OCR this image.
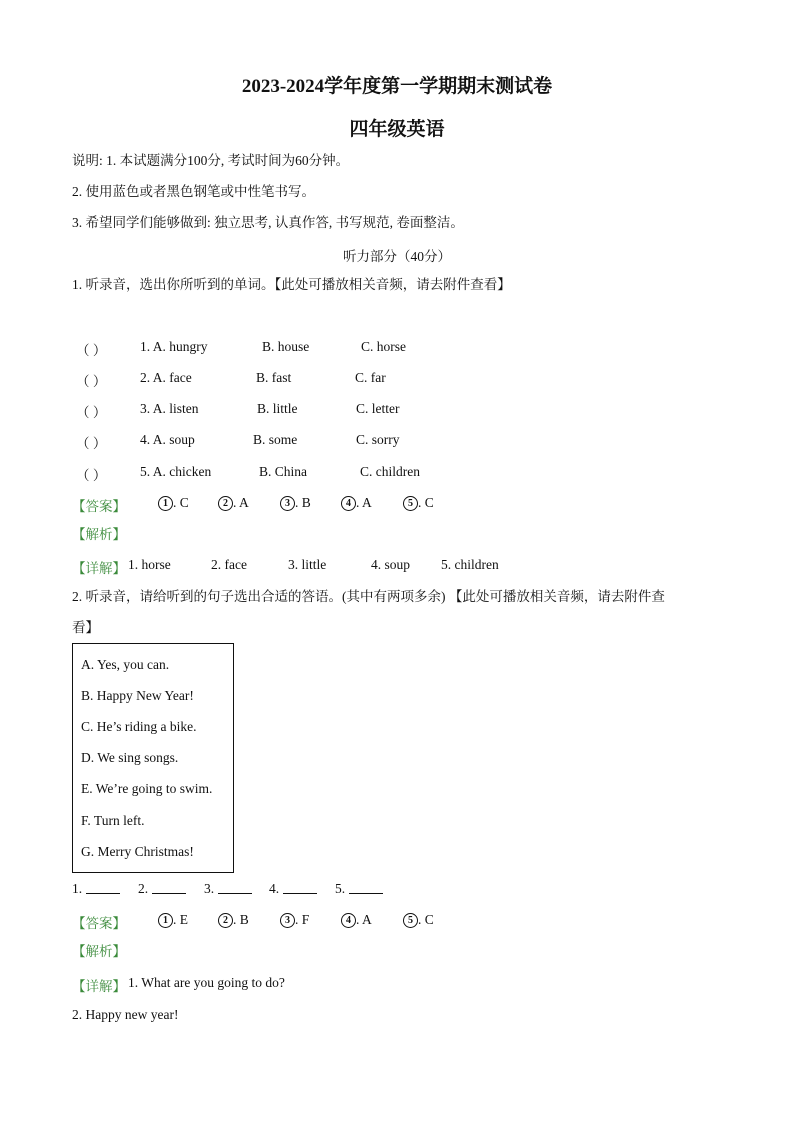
2023-2024学年度第一学期期末测试卷
四年级英语
说明: 1. 本试题满分100分, 考试时间为60分钟。
2. 使用蓝色或者黑色钢笔或中性笔书写。
3. 希望同学们能够做到: 独立思考, 认真作答, 书写规范, 卷面整洁。
听力部分（40分）
1. 听录音，选出你所听到的单词。【此处可播放相关音频，请去附件查看】
（ ） 1. A. hungry	B. house	C. horse
（ ） 2. A. face	B. fast	C. far
（ ） 3. A. listen	B. little	C. letter
（ ） 4. A. soup	B. some	C. sorry
（ ） 5. A. chicken	B. China	C. children
【答案】	1 . C	2 . A	3 . B	4 . A	5 . C
【解析】
【详解】 1. horse	2. face	3. little	4. soup 5. children
2. 听录音，请给听到的句子选出合适的答语。(其中有两项多余) 【此处可播放相关音频，请去附件查
看】
A. Yes, you can.
B. Happy New Year!
C. He’s riding a bike.
D. We sing songs.
E. We’re going to swim.
F. Turn left.
G. Merry Christmas!
1.	2.	3.	4.	5.
【答案】	1 . E	2 . B	3 . F	4 . A	5 . C
【解析】
【详解】 1. What are you going to do?
2. Happy new year!
